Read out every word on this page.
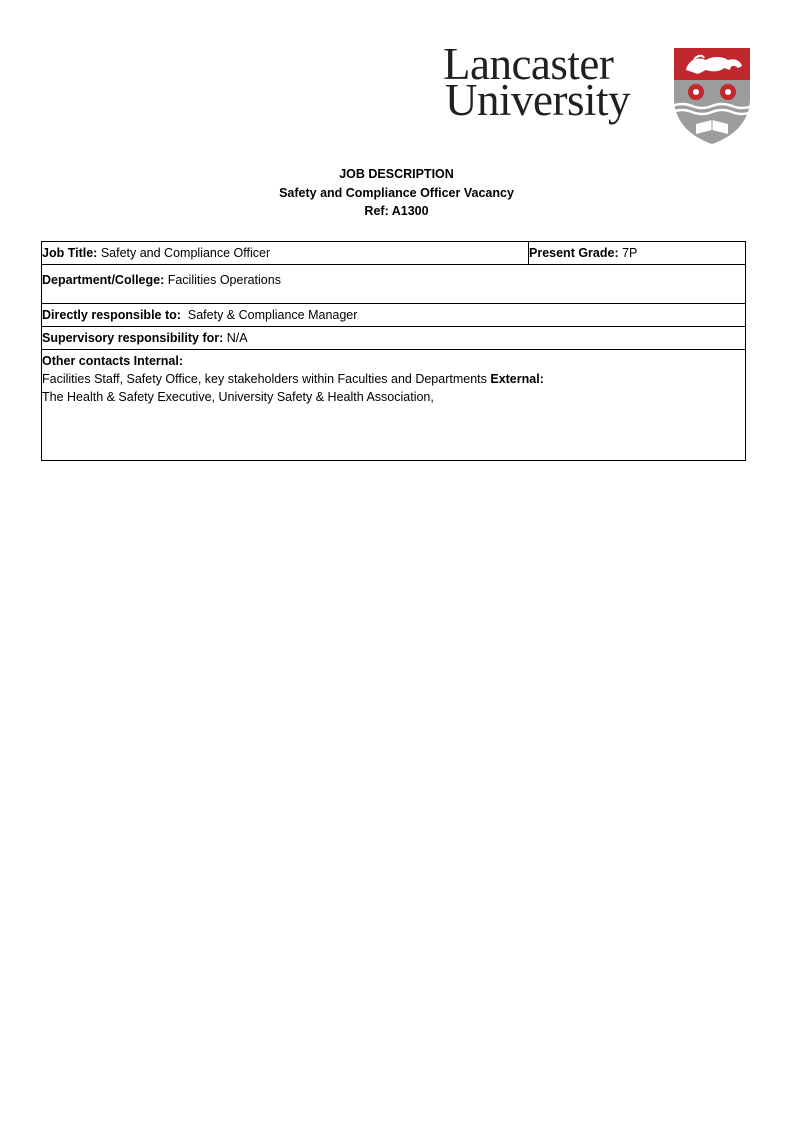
Lancaster
University
JOB DESCRIPTION
Safety and Compliance Officer Vacancy
Ref: A1300
Job Title: Safety and Compliance Officer	Present Grade: 7P
Department/College: Facilities Operations
Directly responsible to:  Safety & Compliance Manager
Supervisory responsibility for: N/A

Other contacts Internal:
Facilities Staff, Safety Office, key stakeholders within Faculties and Departments External:
The Health & Safety Executive, University Safety & Health Association,
